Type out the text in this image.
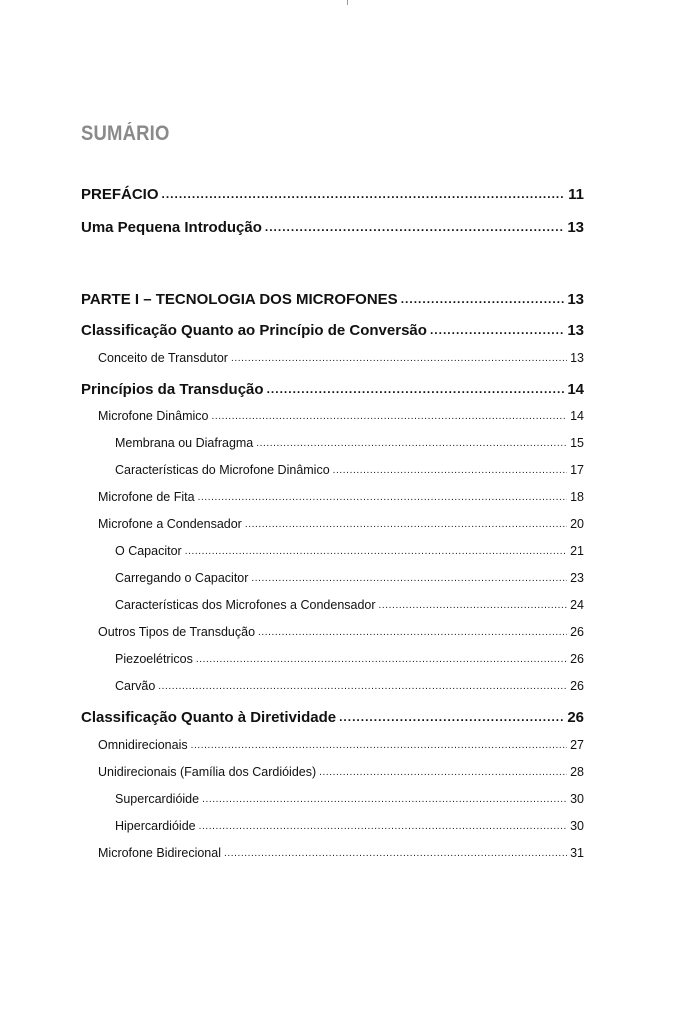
SUMÁRIO
PREFÁCIO .....	11
Uma Pequena Introdução .....	13
PARTE I – TECNOLOGIA DOS MICROFONES .....	13
Classificação Quanto ao Princípio de Conversão .....	13
Conceito de Transdutor .....	13
Princípios da Transdução .....	14
Microfone Dinâmico .....	14
Membrana ou Diafragma .....	15
Características do Microfone Dinâmico .....	17
Microfone de Fita .....	18
Microfone a Condensador .....	20
O Capacitor .....	21
Carregando o Capacitor .....	23
Características dos Microfones a Condensador .....	24
Outros Tipos de Transdução .....	26
Piezoelétricos .....	26
Carvão .....	26
Classificação Quanto à Diretividade .....	26
Omnidirecionais .....	27
Unidirecionais (Família dos Cardióides) .....	28
Supercardióide .....	30
Hipercardióide .....	30
Microfone Bidirecional .....	31
